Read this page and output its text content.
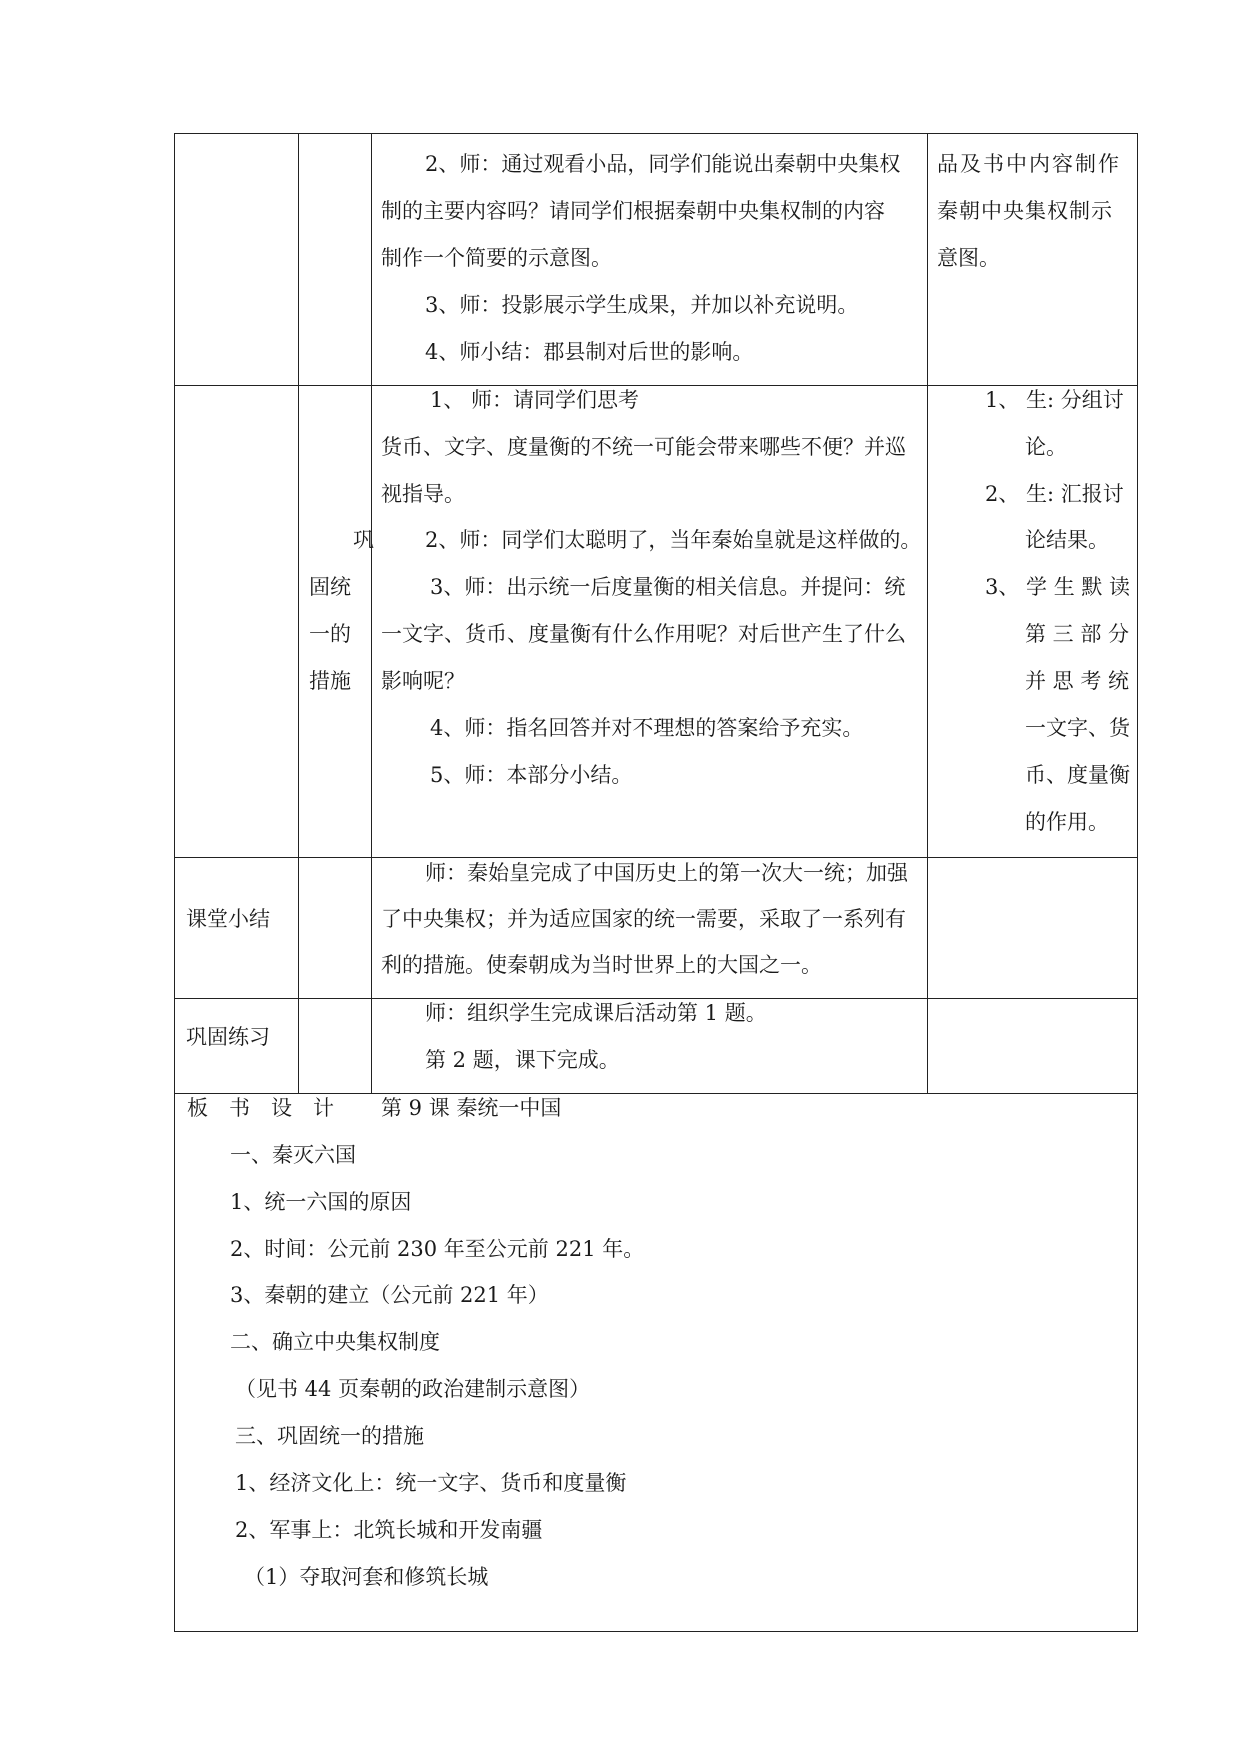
2、师：通过观看小品，同学们能说出秦朝中央集权
制的主要内容吗？请同学们根据秦朝中央集权制的内容
制作一个简要的示意图。
3、师：投影展示学生成果，并加以补充说明。
4、师小结：郡县制对后世的影响。
品及书中内容制作
秦朝中央集权制示
意图。
巩
固统
一的
措施
1、 师：请同学们思考
货币、文字、度量衡的不统一可能会带来哪些不便？并巡
视指导。
2、师：同学们太聪明了，当年秦始皇就是这样做的。
3、师：出示统一后度量衡的相关信息。并提问：统
一文字、货币、度量衡有什么作用呢？对后世产生了什么
影响呢？
4、师：指名回答并对不理想的答案给予充实。
5、师：本部分小结。
1、 生: 分组讨
论。
2、 生: 汇报讨
论结果。
3、 学 生 默 读
第 三 部 分
并 思 考 统
一文字、货
币、度量衡
的作用。
课堂小结
师：秦始皇完成了中国历史上的第一次大一统；加强
了中央集权；并为适应国家的统一需要，采取了一系列有
利的措施。使秦朝成为当时世界上的大国之一。
巩固练习
师：组织学生完成课后活动第 1 题。
第 2 题，课下完成。
板　书　设　计 第 9 课 秦统一中国
一、秦灭六国
1、统一六国的原因
2、时间：公元前 230 年至公元前 221 年。
3、秦朝的建立（公元前 221 年）
二、确立中央集权制度
（见书 44 页秦朝的政治建制示意图）
三、巩固统一的措施
1、经济文化上：统一文字、货币和度量衡
2、军事上：北筑长城和开发南疆
（1）夺取河套和修筑长城
